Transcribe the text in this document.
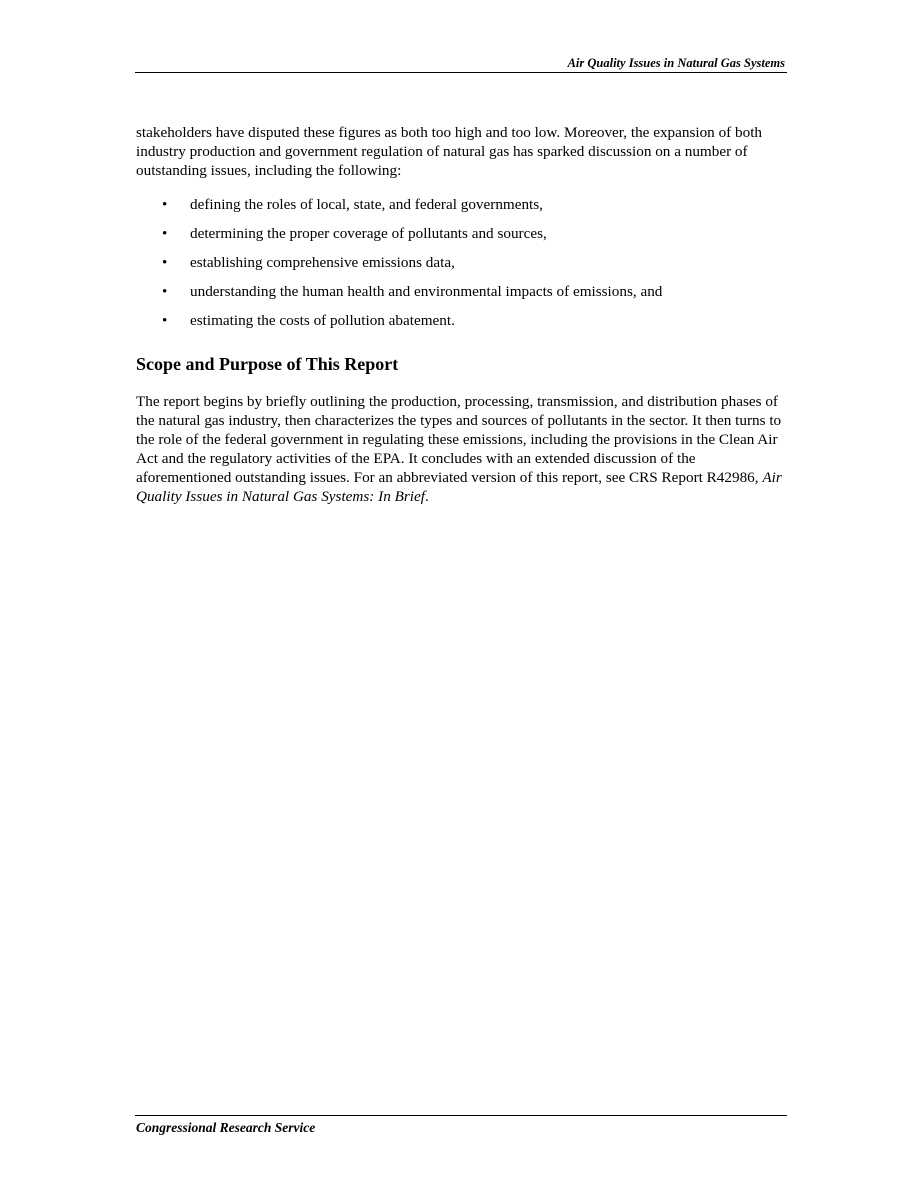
Air Quality Issues in Natural Gas Systems

stakeholders have disputed these figures as both too high and too low. Moreover, the expansion of both industry production and government regulation of natural gas has sparked discussion on a number of outstanding issues, including the following:

• defining the roles of local, state, and federal governments,
• determining the proper coverage of pollutants and sources,
• establishing comprehensive emissions data,
• understanding the human health and environmental impacts of emissions, and
• estimating the costs of pollution abatement.
Scope and Purpose of This Report

The report begins by briefly outlining the production, processing, transmission, and distribution phases of the natural gas industry, then characterizes the types and sources of pollutants in the sector. It then turns to the role of the federal government in regulating these emissions, including the provisions in the Clean Air Act and the regulatory activities of the EPA. It concludes with an extended discussion of the aforementioned outstanding issues. For an abbreviated version of this report, see CRS Report R42986, Air Quality Issues in Natural Gas Systems: In Brief.

Congressional Research Service
